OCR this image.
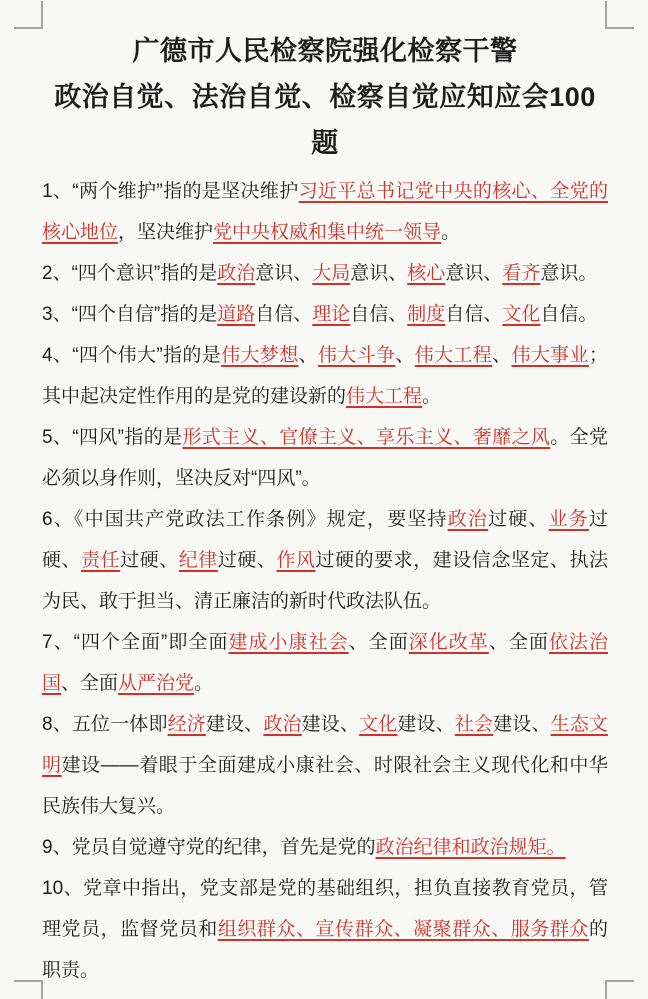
广德市人民检察院强化检察干警
政治自觉、法治自觉、检察自觉应知应会100题

1、“两个维护”指的是坚决维护习近平总书记党中央的核心、全党的核心地位，坚决维护党中央权威和集中统一领导。

2、“四个意识”指的是政治意识、大局意识、核心意识、看齐意识。

3、“四个自信”指的是道路自信、理论自信、制度自信、文化自信。

4、“四个伟大”指的是伟大梦想、伟大斗争、伟大工程、伟大事业；其中起决定性作用的是党的建设新的伟大工程。

5、“四风”指的是形式主义、官僚主义、享乐主义、奢靡之风。全党必须以身作则，坚决反对“四风”。

6、《中国共产党政法工作条例》规定，要坚持政治过硬、业务过硬、责任过硬、纪律过硬、作风过硬的要求，建设信念坚定、执法为民、敢于担当、清正廉洁的新时代政法队伍。

7、“四个全面”即全面建成小康社会、全面深化改革、全面依法治国、全面从严治党。

8、五位一体即经济建设、政治建设、文化建设、社会建设、生态文明建设——着眼于全面建成小康社会、时限社会主义现代化和中华民族伟大复兴。

9、党员自觉遵守党的纪律，首先是党的政治纪律和政治规矩。

10、党章中指出，党支部是党的基础组织，担负直接教育党员，管理党员，监督党员和组织群众、宣传群众、凝聚群众、服务群众的职责。
